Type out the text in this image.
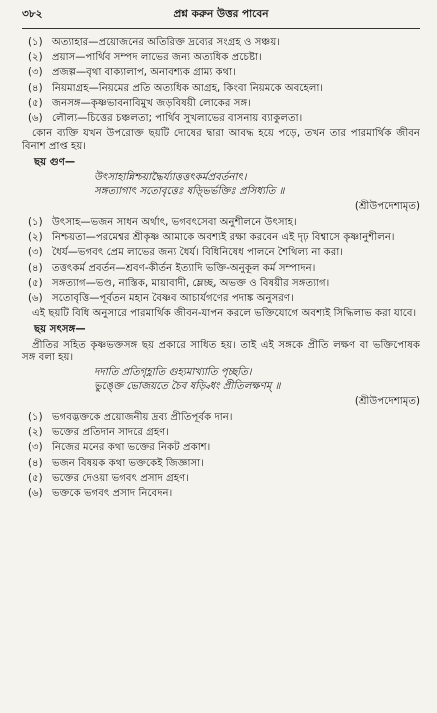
৩৮২	প্রশ্ন করুন উত্তর পাবেন
(১) অত্যাহার—প্রয়োজনের অতিরিক্ত দ্রব্যের সংগ্রহ ও সঞ্চয়।
(২) প্রয়াস—পার্থিব সম্পদ লাভের জন্য অত্যধিক প্রচেষ্টা।
(৩) প্রজল্প—বৃথা বাক্যালাপ, অনাবশ্যক গ্রাম্য কথা।
(৪) নিয়মাগ্রহ—নিয়মের প্রতি অত্যধিক আগ্রহ, কিংবা নিয়মকে অবহেলা।
(৫) জনসঙ্গ—কৃষ্ণভাবনাবিমুখ জড়বিষয়ী লোকের সঙ্গ।
(৬) লৌল্য—চিত্তের চঞ্চলতা; পার্থিব সুখলাভের বাসনায় ব্যাকুলতা।

কোন ব্যক্তি যখন উপরোক্ত ছয়টি দোষের দ্বারা আবদ্ধ হয়ে পড়ে, তখন তার পারমার্থিক জীবন বিনাশ প্রাপ্ত হয়।

ছয় গুণ—
উৎসাহান্নিশ্চয়াদ্ধৈর্য্যাত্তত্তৎকর্মপ্রবর্তনাৎ।
সঙ্গত্যাগাৎ সতোবৃত্তেঃ ষড়্ভির্ভক্তিঃ প্রসিধ্যতি ॥
(শ্রীউপদেশামৃত)
(১) উৎসাহ—ভজন সাধন অর্থাৎ, ভগবৎসেবা অনুশীলনে উৎসাহ।
(২) নিশ্চয়তা—পরমেশ্বর শ্রীকৃষ্ণ আমাকে অবশ্যই রক্ষা করবেন এই দৃঢ় বিশ্বাসে কৃষ্ণানুশীলন।
(৩) ধৈর্য—ভগবৎ প্রেম লাভের জন্য ধৈর্য। বিধিনিষেধ পালনে শৈথিল্য না করা।
(৪) তত্তৎকর্ম প্রবর্তন—শ্রবণ-কীর্তন ইত্যাদি ভক্তি-অনুকূল কর্ম সম্পাদন।
(৫) সঙ্গত্যাগ—ভণ্ড, নাস্তিক, মায়াবাদী, ম্লেচ্ছ, অভক্ত ও বিষয়ীর সঙ্গত্যাগ।
(৬) সতোবৃত্তি—পূর্বতন মহান বৈষ্ণব আচার্যগণের পদাঙ্ক অনুসরণ।

এই ছয়টি বিধি অনুসারে পারমার্থিক জীবন-যাপন করলে ভক্তিযোগে অবশ্যই সিদ্ধিলাভ করা যাবে।

ছয় সৎসঙ্গ—

প্রীতির সহিত কৃষ্ণভক্তসঙ্গ ছয় প্রকারে সাধিত হয়। তাই এই সঙ্গকে প্রীতি লক্ষণ বা ভক্তিপোষক সঙ্গ বলা হয়।

দদাতি প্রতিগৃহ্ণাতি গুহ্যমাখ্যাতি পৃচ্ছতি।
ভুঙ্ক্তে ভোজয়তে চৈব ষড়্বিধং প্রীতিলক্ষণম্ ॥
(শ্রীউপদেশামৃত)
(১) ভগবদ্ভক্তকে প্রয়োজনীয় দ্রব্য প্রীতিপূর্বক দান।
(২) ভক্তের প্রতিদান সাদরে গ্রহণ।
(৩) নিজের মনের কথা ভক্তের নিকট প্রকাশ।
(৪) ভজন বিষয়ক কথা ভক্তকেই জিজ্ঞাসা।
(৫) ভক্তের দেওয়া ভগবৎ প্রসাদ গ্রহণ।
(৬) ভক্তকে ভগবৎ প্রসাদ নিবেদন।
